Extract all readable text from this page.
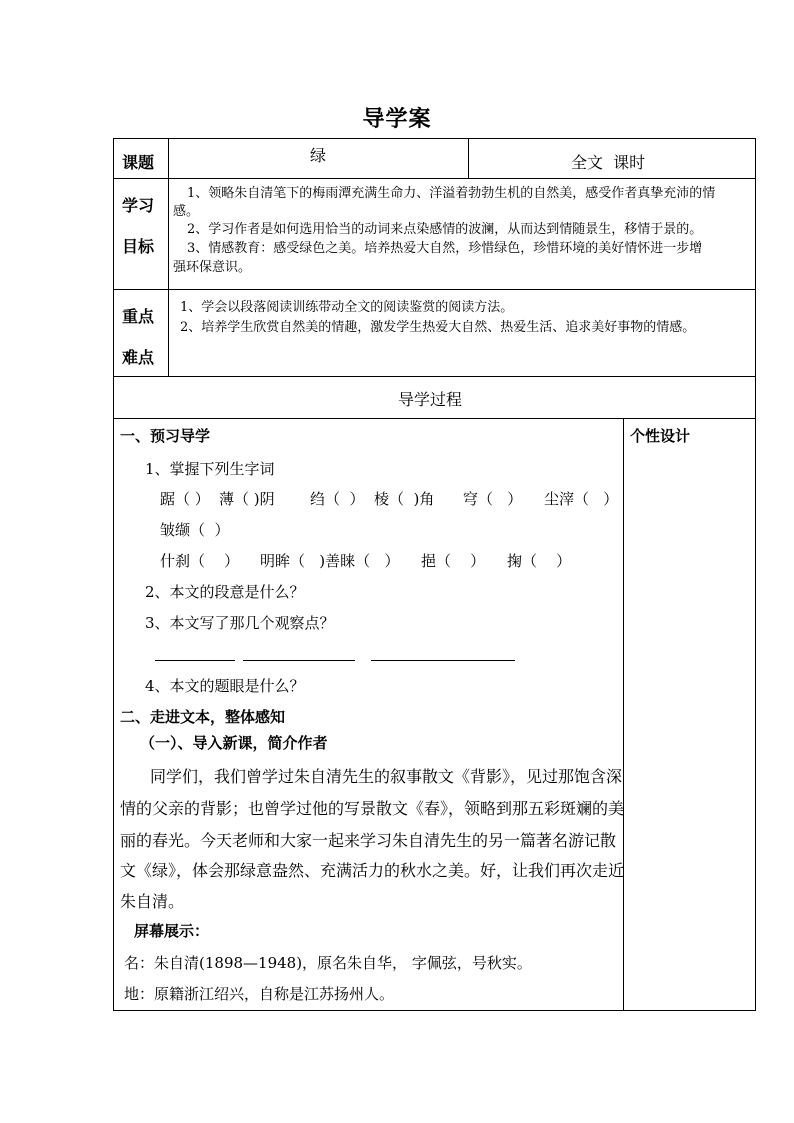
导学案
课题	绿	全文  课时
学习
目标
1、领略朱自清笔下的梅雨潭充满生命力、洋溢着勃勃生机的自然美，感受作者真挚充沛的情
感。
2、学习作者是如何选用恰当的动词来点染感情的波澜，从而达到情随景生，移情于景的。
3、情感教育：感受绿色之美。培养热爱大自然，珍惜绿色，珍惜环境的美好情怀进一步增
强环保意识。
重点
难点
1、学会以段落阅读训练带动全文的阅读鉴赏的阅读方法。
2、培养学生欣赏自然美的情趣，激发学生热爱大自然、热爱生活、追求美好事物的情感。
导学过程
个性设计
一、预习导学
1、掌握下列生字词
踞（ ） 薄（ )阴 绉（  ） 棱（  )角 穹（   ） 尘滓（   ）
皱缬（  ）
什刹（    ） 明眸（   )善睐（   ） 挹（    ） 掬（    ）
2、本文的段意是什么？
3、本文写了那几个观察点？
4、本文的题眼是什么？
二、走进文本，整体感知
（一）、导入新课，简介作者
同学们，我们曾学过朱自清先生的叙事散文《背影》，见过那饱含深
情的父亲的背影；也曾学过他的写景散文《春》，领略到那五彩斑斓的美
丽的春光。今天老师和大家一起来学习朱自清先生的另一篇著名游记散
文《绿》，体会那绿意盎然、充满活力的秋水之美。好，让我们再次走近
朱自清。
屏幕展示：
名：朱自清(1898—1948)，原名朱自华， 字佩弦，号秋实。
地：原籍浙江绍兴，自称是江苏扬州人。
